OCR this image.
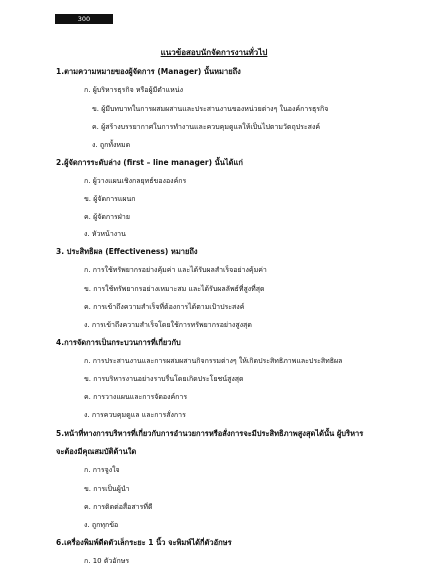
300
แนวข้อสอบนักจัดการงานทั่วไป
1.ตามความหมายของผู้จัดการ (Manager) นั้นหมายถึง
ก. ผู้บริหารธุรกิจ หรือผู้มีตำแหน่ง
ข. ผู้มีบทบาทในการผสมผสานและประสานงานของหน่วยต่างๆ ในองค์การธุรกิจ
ค. ผู้สร้างบรรยากาศในการทำงานและควบคุมดูแลให้เป็นไปตามวัตถุประสงค์
ง. ถูกทั้งหมด
2.ผู้จัดการระดับล่าง (first – line manager) นั้นได้แก่
ก. ผู้วางแผนเชิงกลยุทธ์ขององค์กร
ข. ผู้จัดการแผนก
ค. ผู้จัดการฝ่าย
ง. หัวหน้างาน
3. ประสิทธิผล (Effectiveness) หมายถึง
ก. การใช้ทรัพยากรอย่างคุ้มค่า และได้รับผลสำเร็จอย่างคุ้มค่า
ข. การใช้ทรัพยากรอย่างเหมาะสม และได้รับผลลัพธ์ที่สูงที่สุด
ค. การเข้าถึงความสำเร็จที่ต้องการได้ตามเป้าประสงค์
ง. การเข้าถึงความสำเร็จโดยใช้การทรัพยากรอย่างสูงสุด
4.การจัดการเป็นกระบวนการที่เกี่ยวกับ
ก. การประสานงานและการผสมผสานกิจกรรมต่างๆ ให้เกิดประสิทธิภาพและประสิทธิผล
ข. การบริหารงานอย่างราบรื่นโดยเกิดประโยชน์สูงสุด
ค. การวางแผนและการจัดองค์การ
ง. การควบคุมดูแล และการสั่งการ
5.หน้าที่ทางการบริหารที่เกี่ยวกับการอำนวยการหรือสั่งการจะมีประสิทธิภาพสูงสุดได้นั้น ผู้บริหาร
จะต้องมีคุณสมบัติด้านใด
ก. การจูงใจ
ข. การเป็นผู้นำ
ค. การติดต่อสื่อสารที่ดี
ง. ถูกทุกข้อ
6.เครื่องพิมพ์ดีดตัวเล็กระยะ 1 นิ้ว จะพิมพ์ได้กี่ตัวอักษร
ก. 10 ตัวอักษร
